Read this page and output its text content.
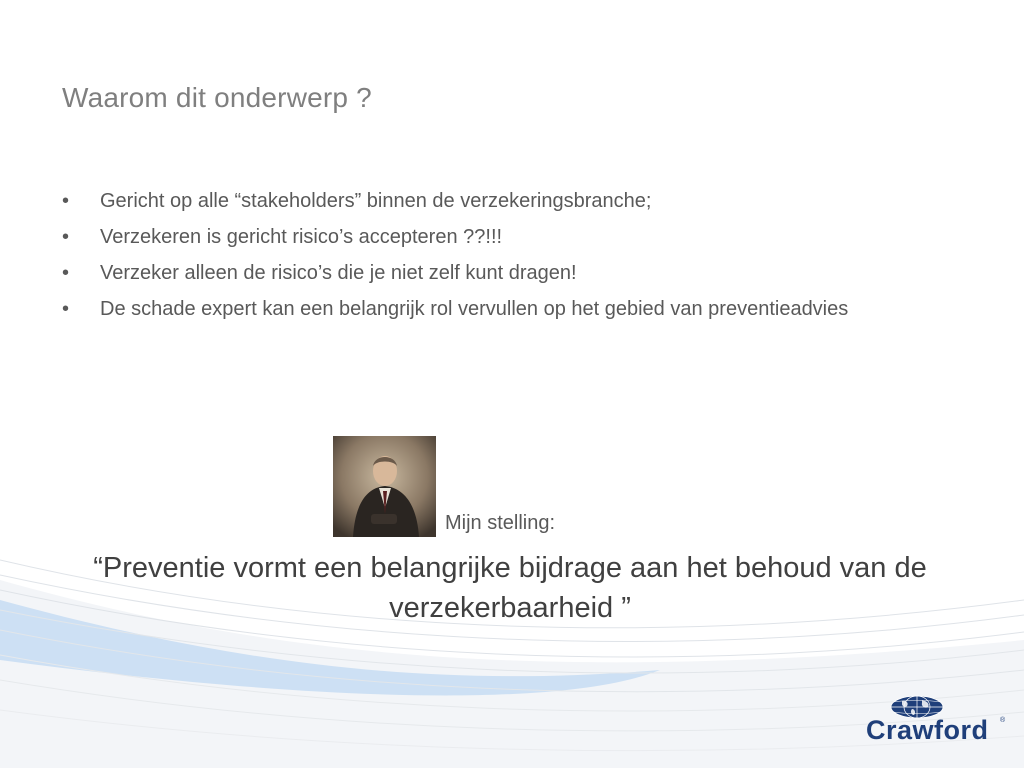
Waarom dit onderwerp ?
• Gericht op alle “stakeholders” binnen de verzekeringsbranche;
• Verzekeren is gericht risico’s accepteren ??!!!
• Verzeker alleen de risico’s die je niet zelf kunt dragen!
• De schade expert kan een belangrijk rol vervullen op het gebied van preventieadvies
Mijn stelling:
“Preventie vormt een belangrijke bijdrage aan het behoud van de verzekerbaarheid ”
Crawford	®
